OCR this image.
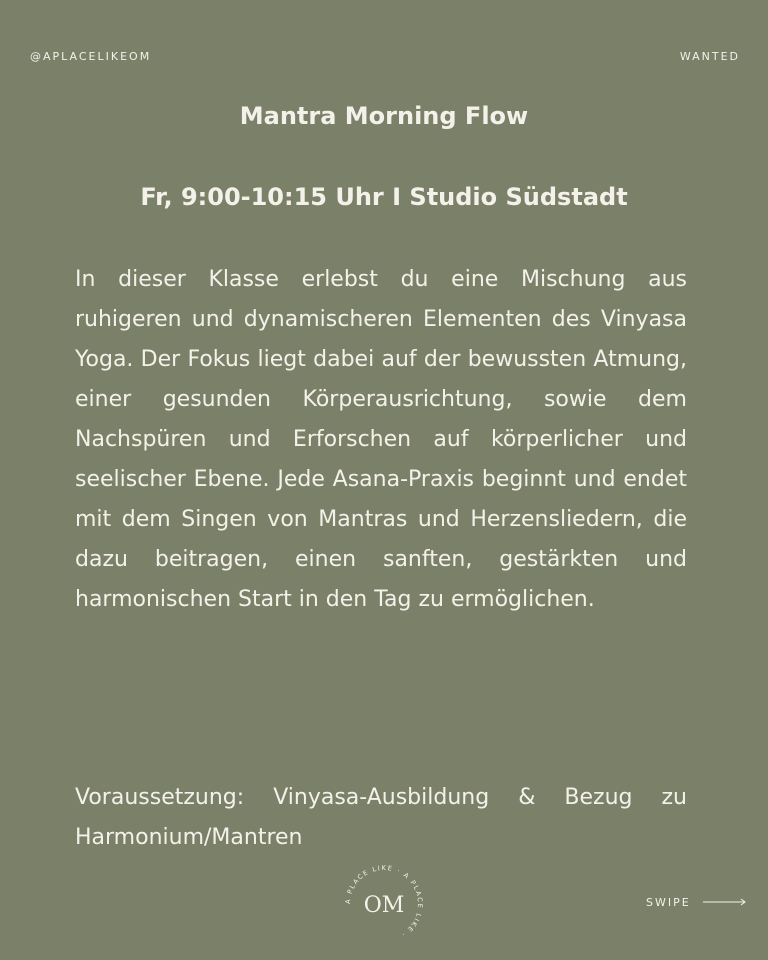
@APLACELIKEOM	WANTED
Mantra Morning Flow
Fr, 9:00-10:15 Uhr I Studio Südstadt
In dieser Klasse erlebst du eine Mischung aus ruhigeren und dynamischeren Elementen des Vinyasa Yoga. Der Fokus liegt dabei auf der bewussten Atmung, einer gesunden Körperausrichtung, sowie dem Nachspüren und Erforschen auf körperlicher und seelischer Ebene. Jede Asana-Praxis beginnt und endet mit dem Singen von Mantras und Herzensliedern, die dazu beitragen, einen sanften, gestärkten und harmonischen Start in den Tag zu ermöglichen.
Voraussetzung: Vinyasa-Ausbildung & Bezug zu Harmonium/Mantren
A PLACE LIKE · A PLACE LIKE ·
OM	SWIPE
